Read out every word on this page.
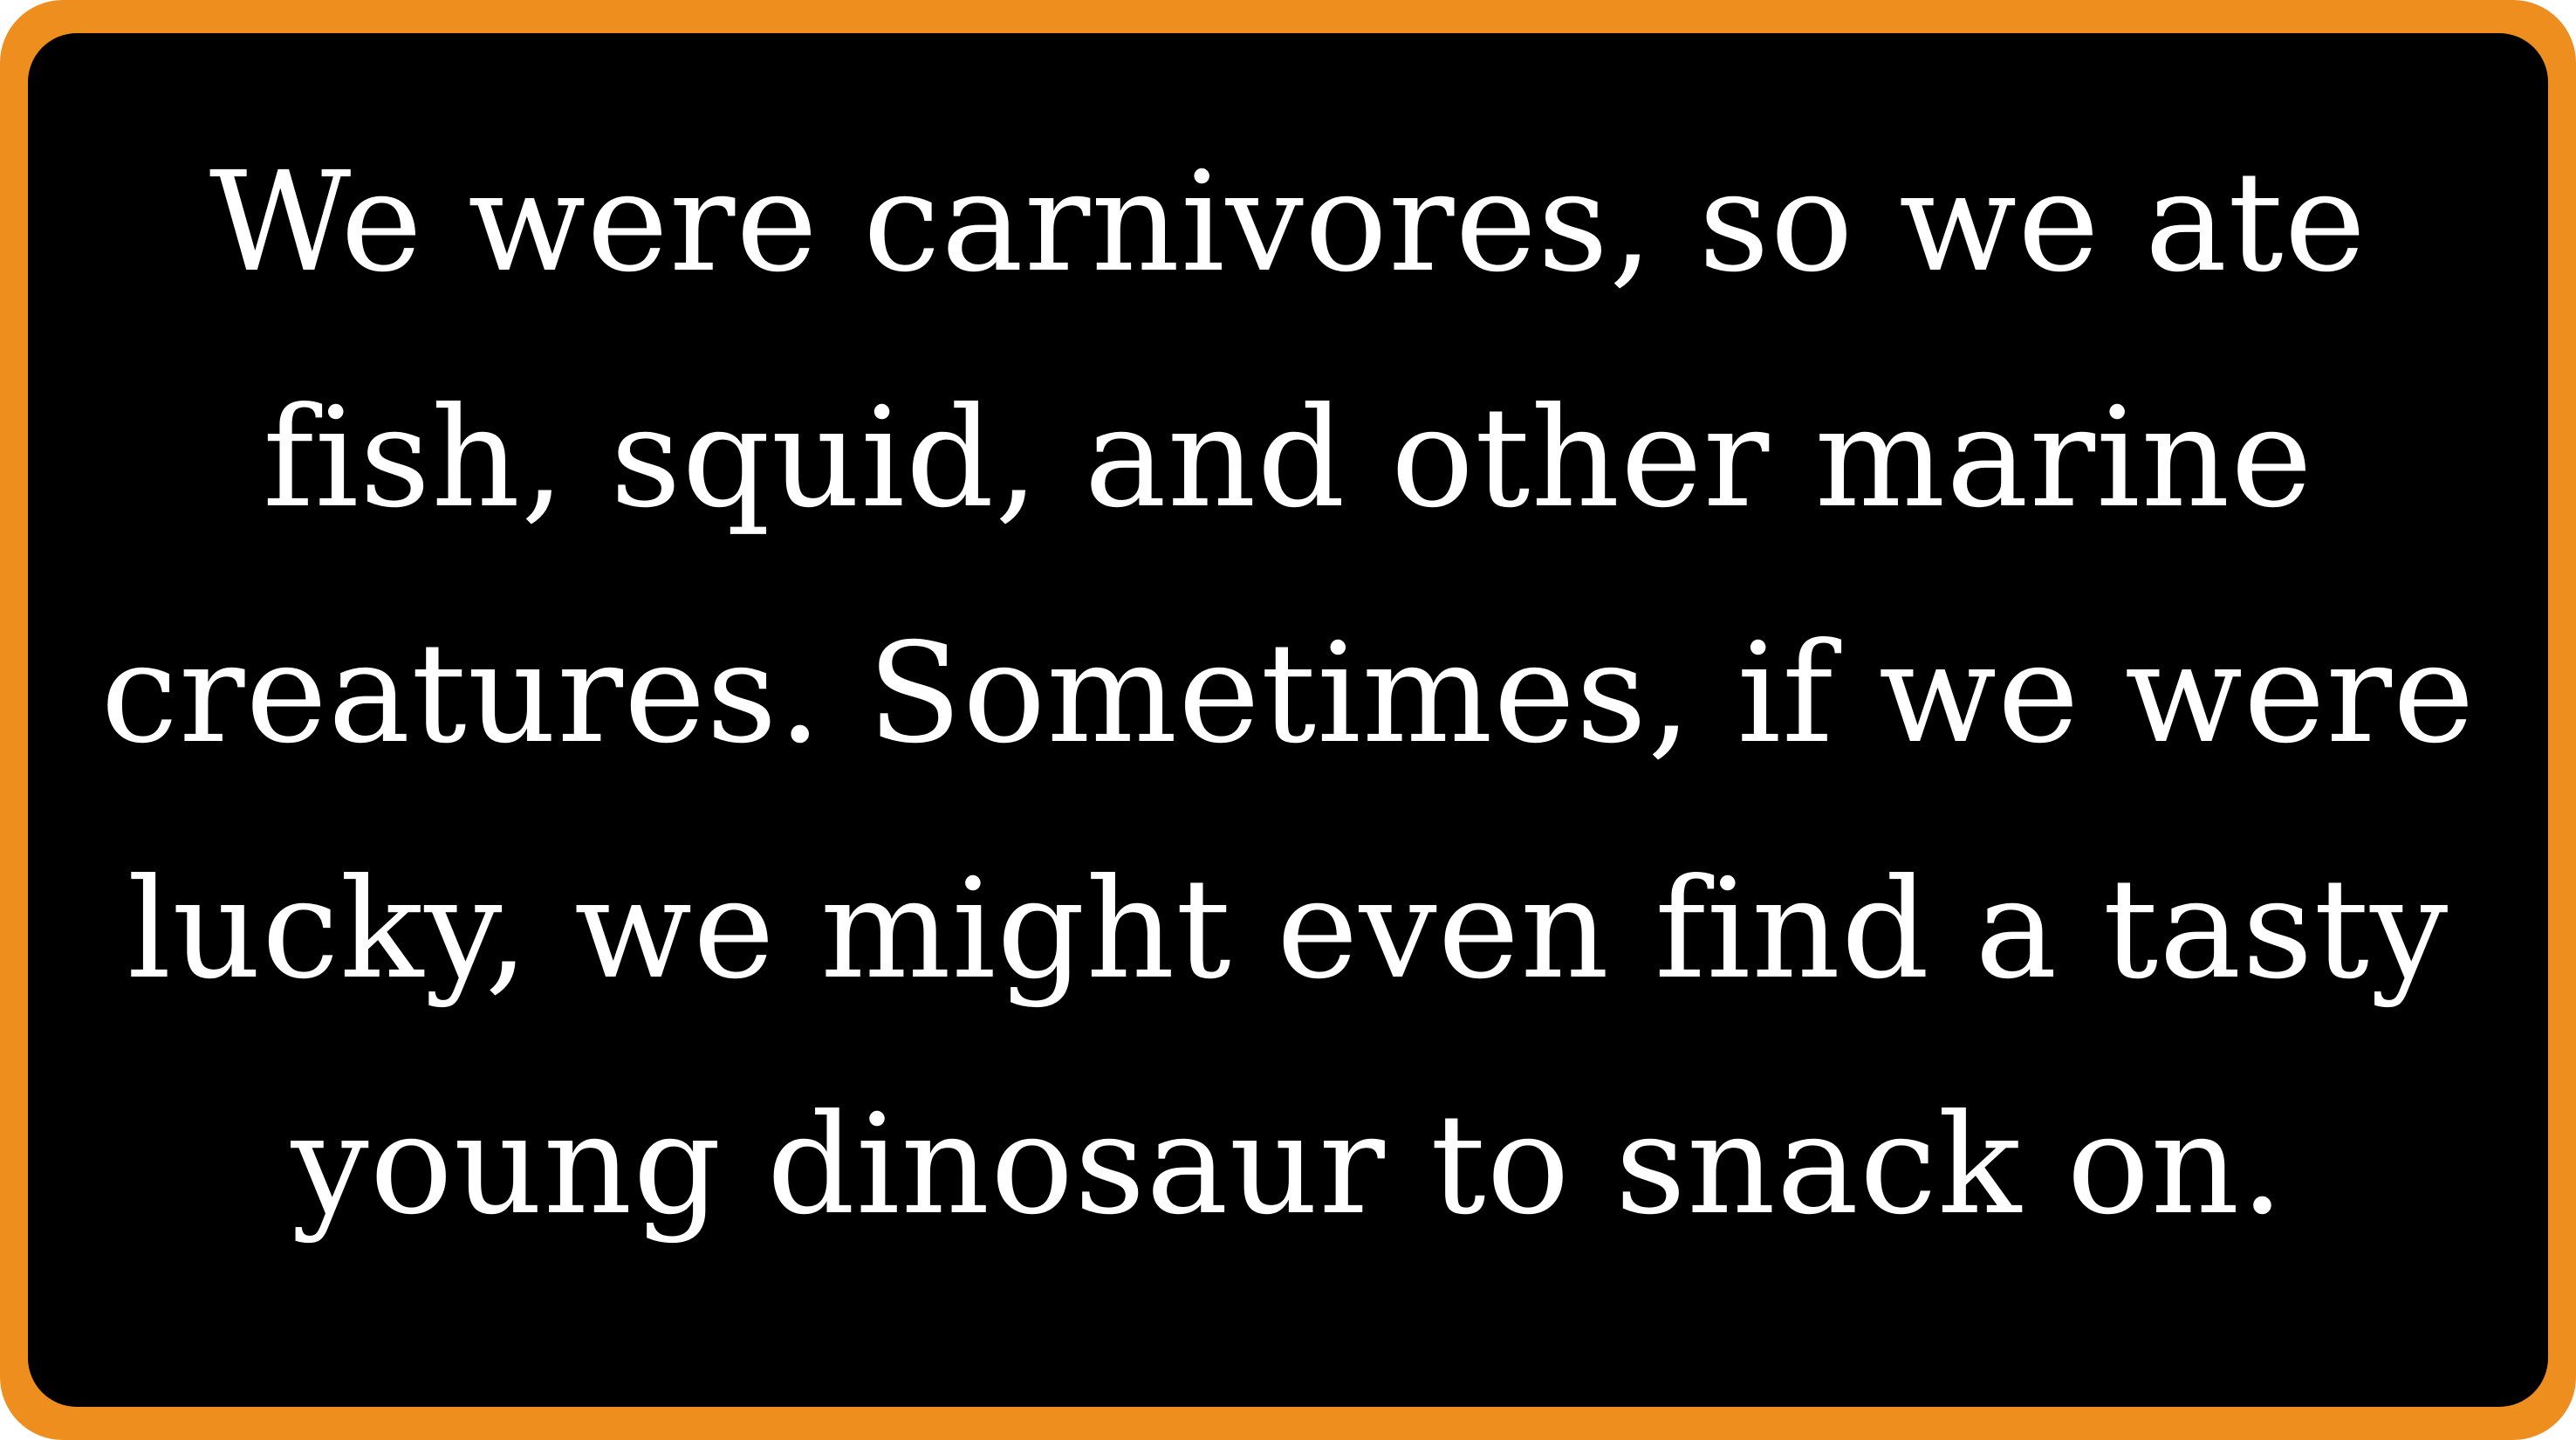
We were carnivores, so we ate
fish, squid, and other marine
creatures. Sometimes, if we were
lucky, we might even find a tasty
young dinosaur to snack on.
